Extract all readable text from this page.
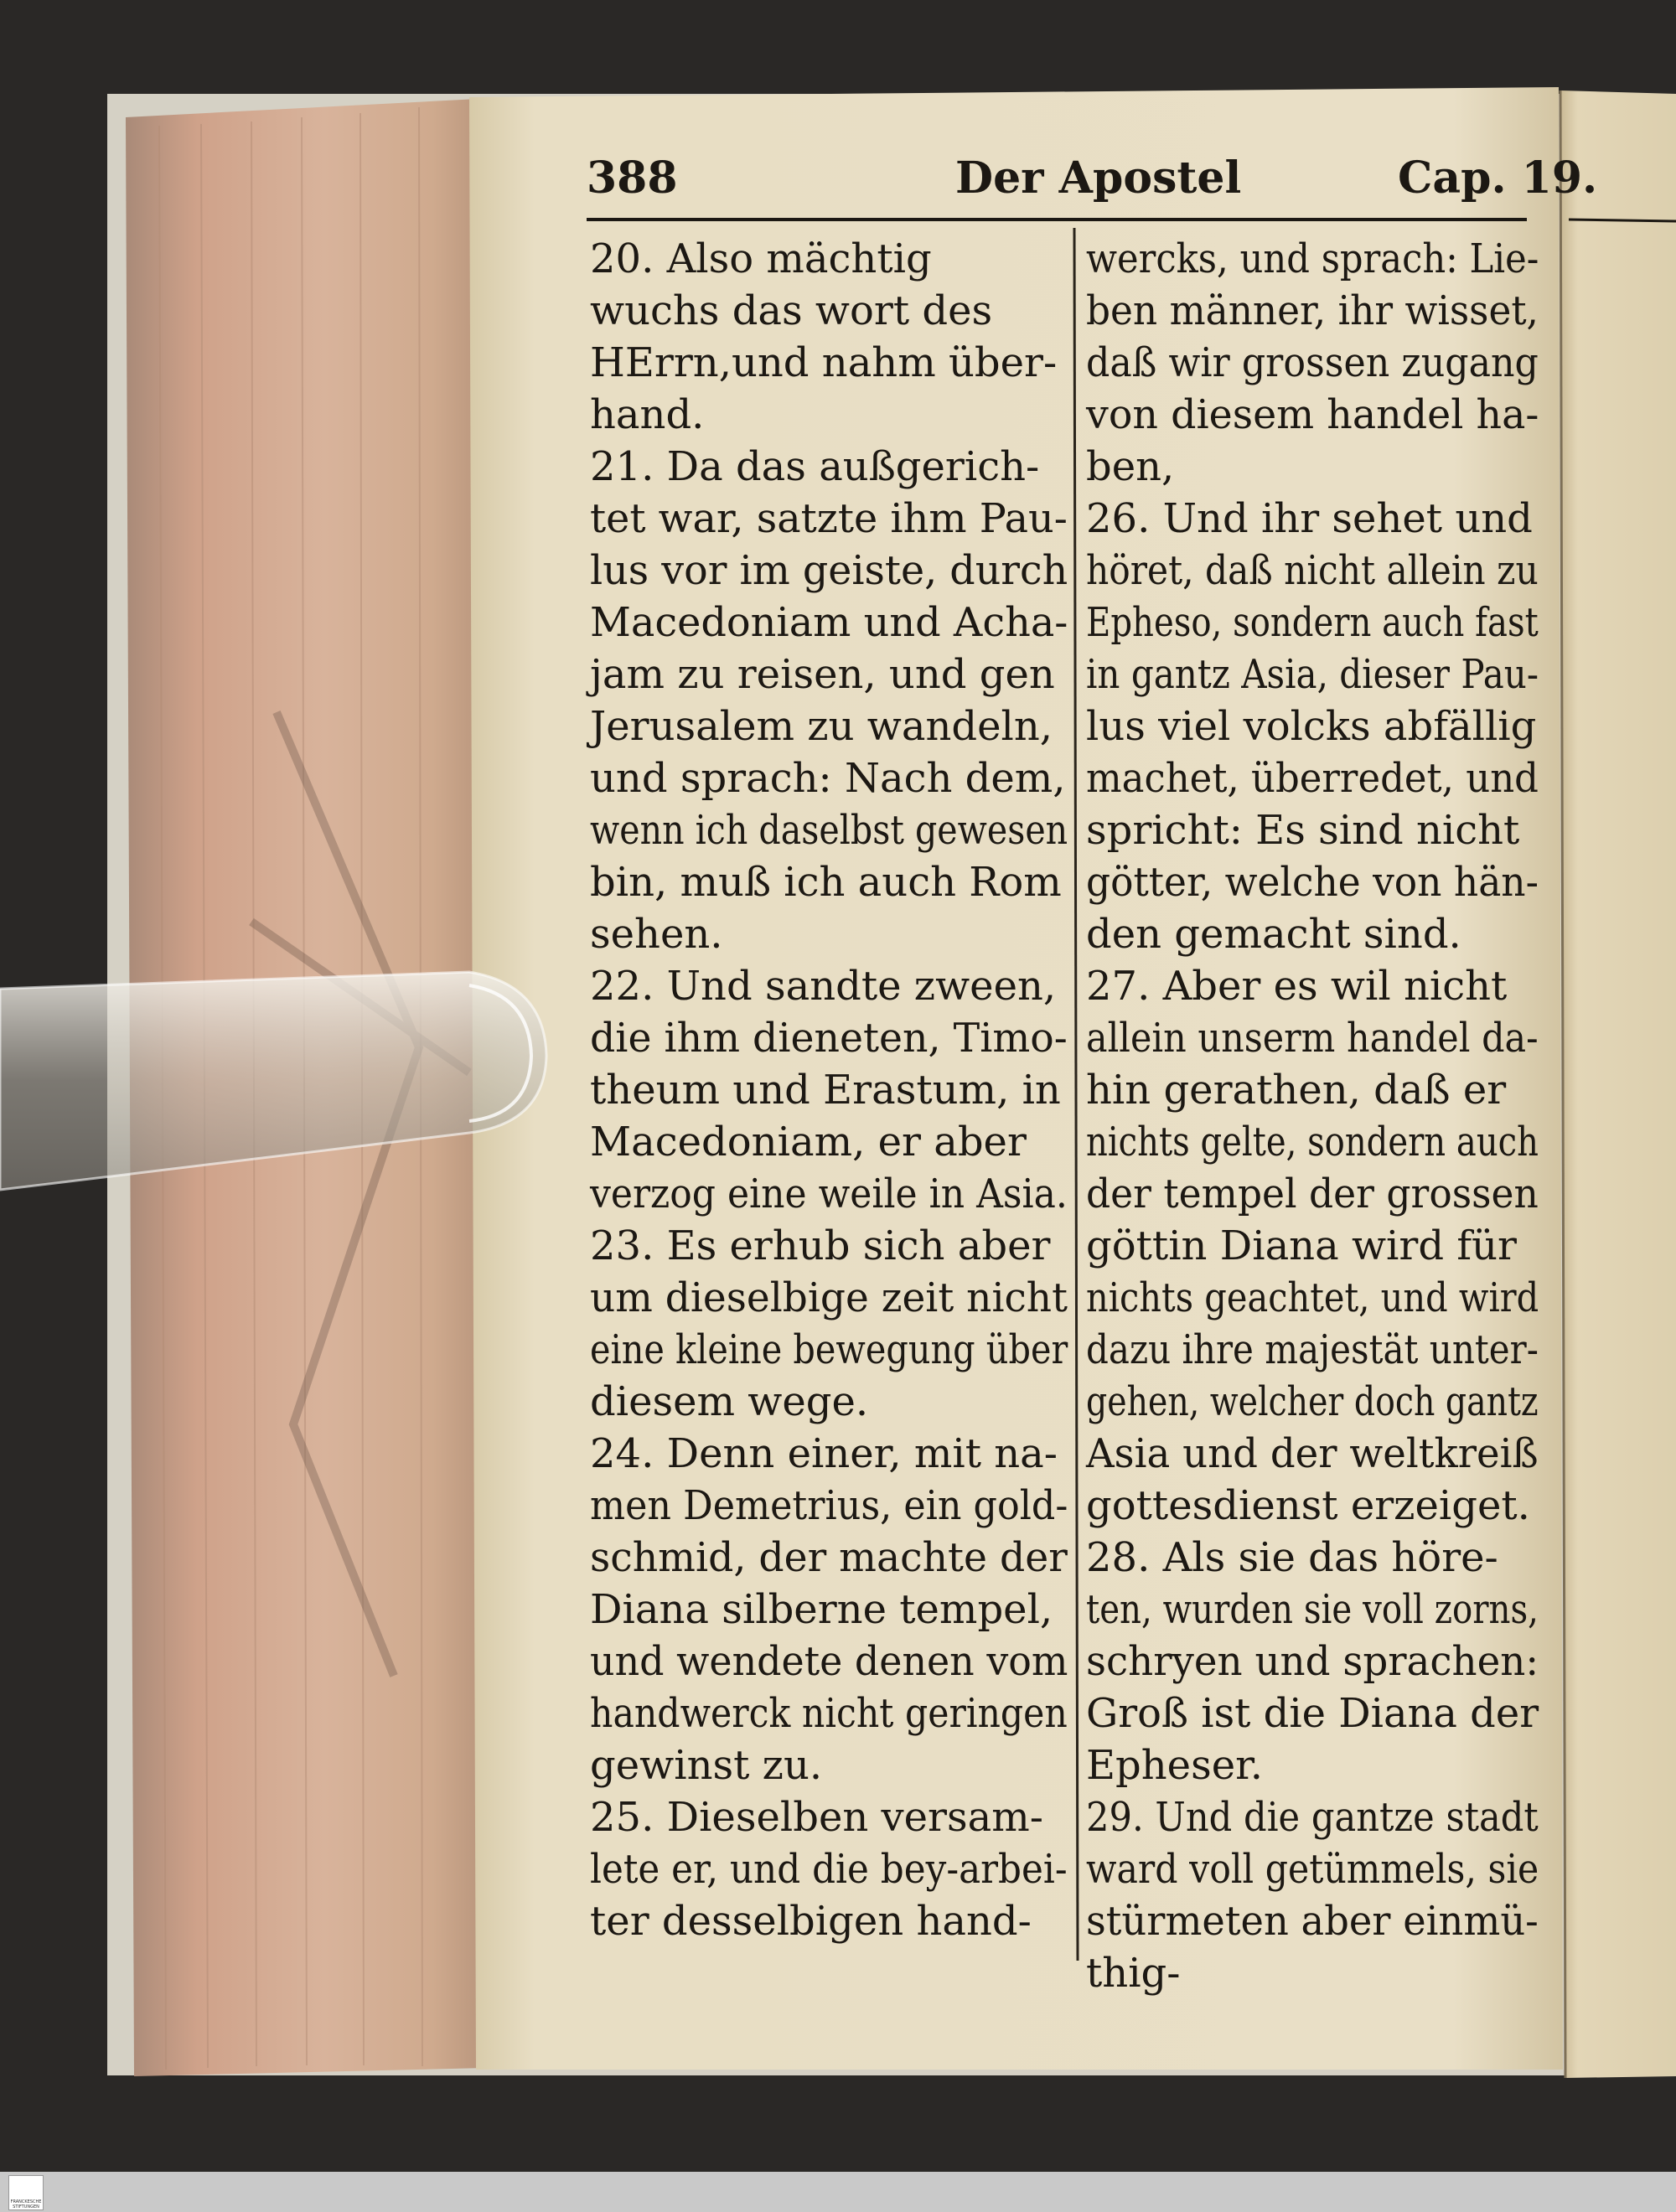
388	Der Apostel	Cap. 19.
20. Also mächtig
wuchs das wort des
HErrn,und nahm über-
hand.
21. Da das außgerich-
tet war, satzte ihm Pau-
lus vor im geiste, durch
Macedoniam und Acha-
jam zu reisen, und gen
Jerusalem zu wandeln,
und sprach: Nach dem,
wenn ich daselbst gewesen
bin, muß ich auch Rom
sehen.
22. Und sandte zween,
die ihm dieneten, Timo-
theum und Erastum, in
Macedoniam, er aber
verzog eine weile in Asia.
23. Es erhub sich aber
um dieselbige zeit nicht
eine kleine bewegung über
diesem wege.
24. Denn einer, mit na-
men Demetrius, ein gold-
schmid, der machte der
Diana silberne tempel,
und wendete denen vom
handwerck nicht geringen
gewinst zu.
25. Dieselben versam-
lete er, und die bey-arbei-
ter desselbigen hand-
wercks, und sprach: Lie-
ben männer, ihr wisset,
daß wir grossen zugang
von diesem handel ha-
ben,
26. Und ihr sehet und
höret, daß nicht allein zu
Epheso, sondern auch fast
in gantz Asia, dieser Pau-
lus viel volcks abfällig
machet, überredet, und
spricht: Es sind nicht
götter, welche von hän-
den gemacht sind.
27. Aber es wil nicht
allein unserm handel da-
hin gerathen, daß er
nichts gelte, sondern auch
der tempel der grossen
göttin Diana wird für
nichts geachtet, und wird
dazu ihre majestät unter-
gehen, welcher doch gantz
Asia und der weltkreiß
gottesdienst erzeiget.
28. Als sie das höre-
ten, wurden sie voll zorns,
schryen und sprachen:
Groß ist die Diana der
Epheser.
29. Und die gantze stadt
ward voll getümmels, sie
stürmeten aber einmü-
thig-
FRANCKESCHE STIFTUNGEN
